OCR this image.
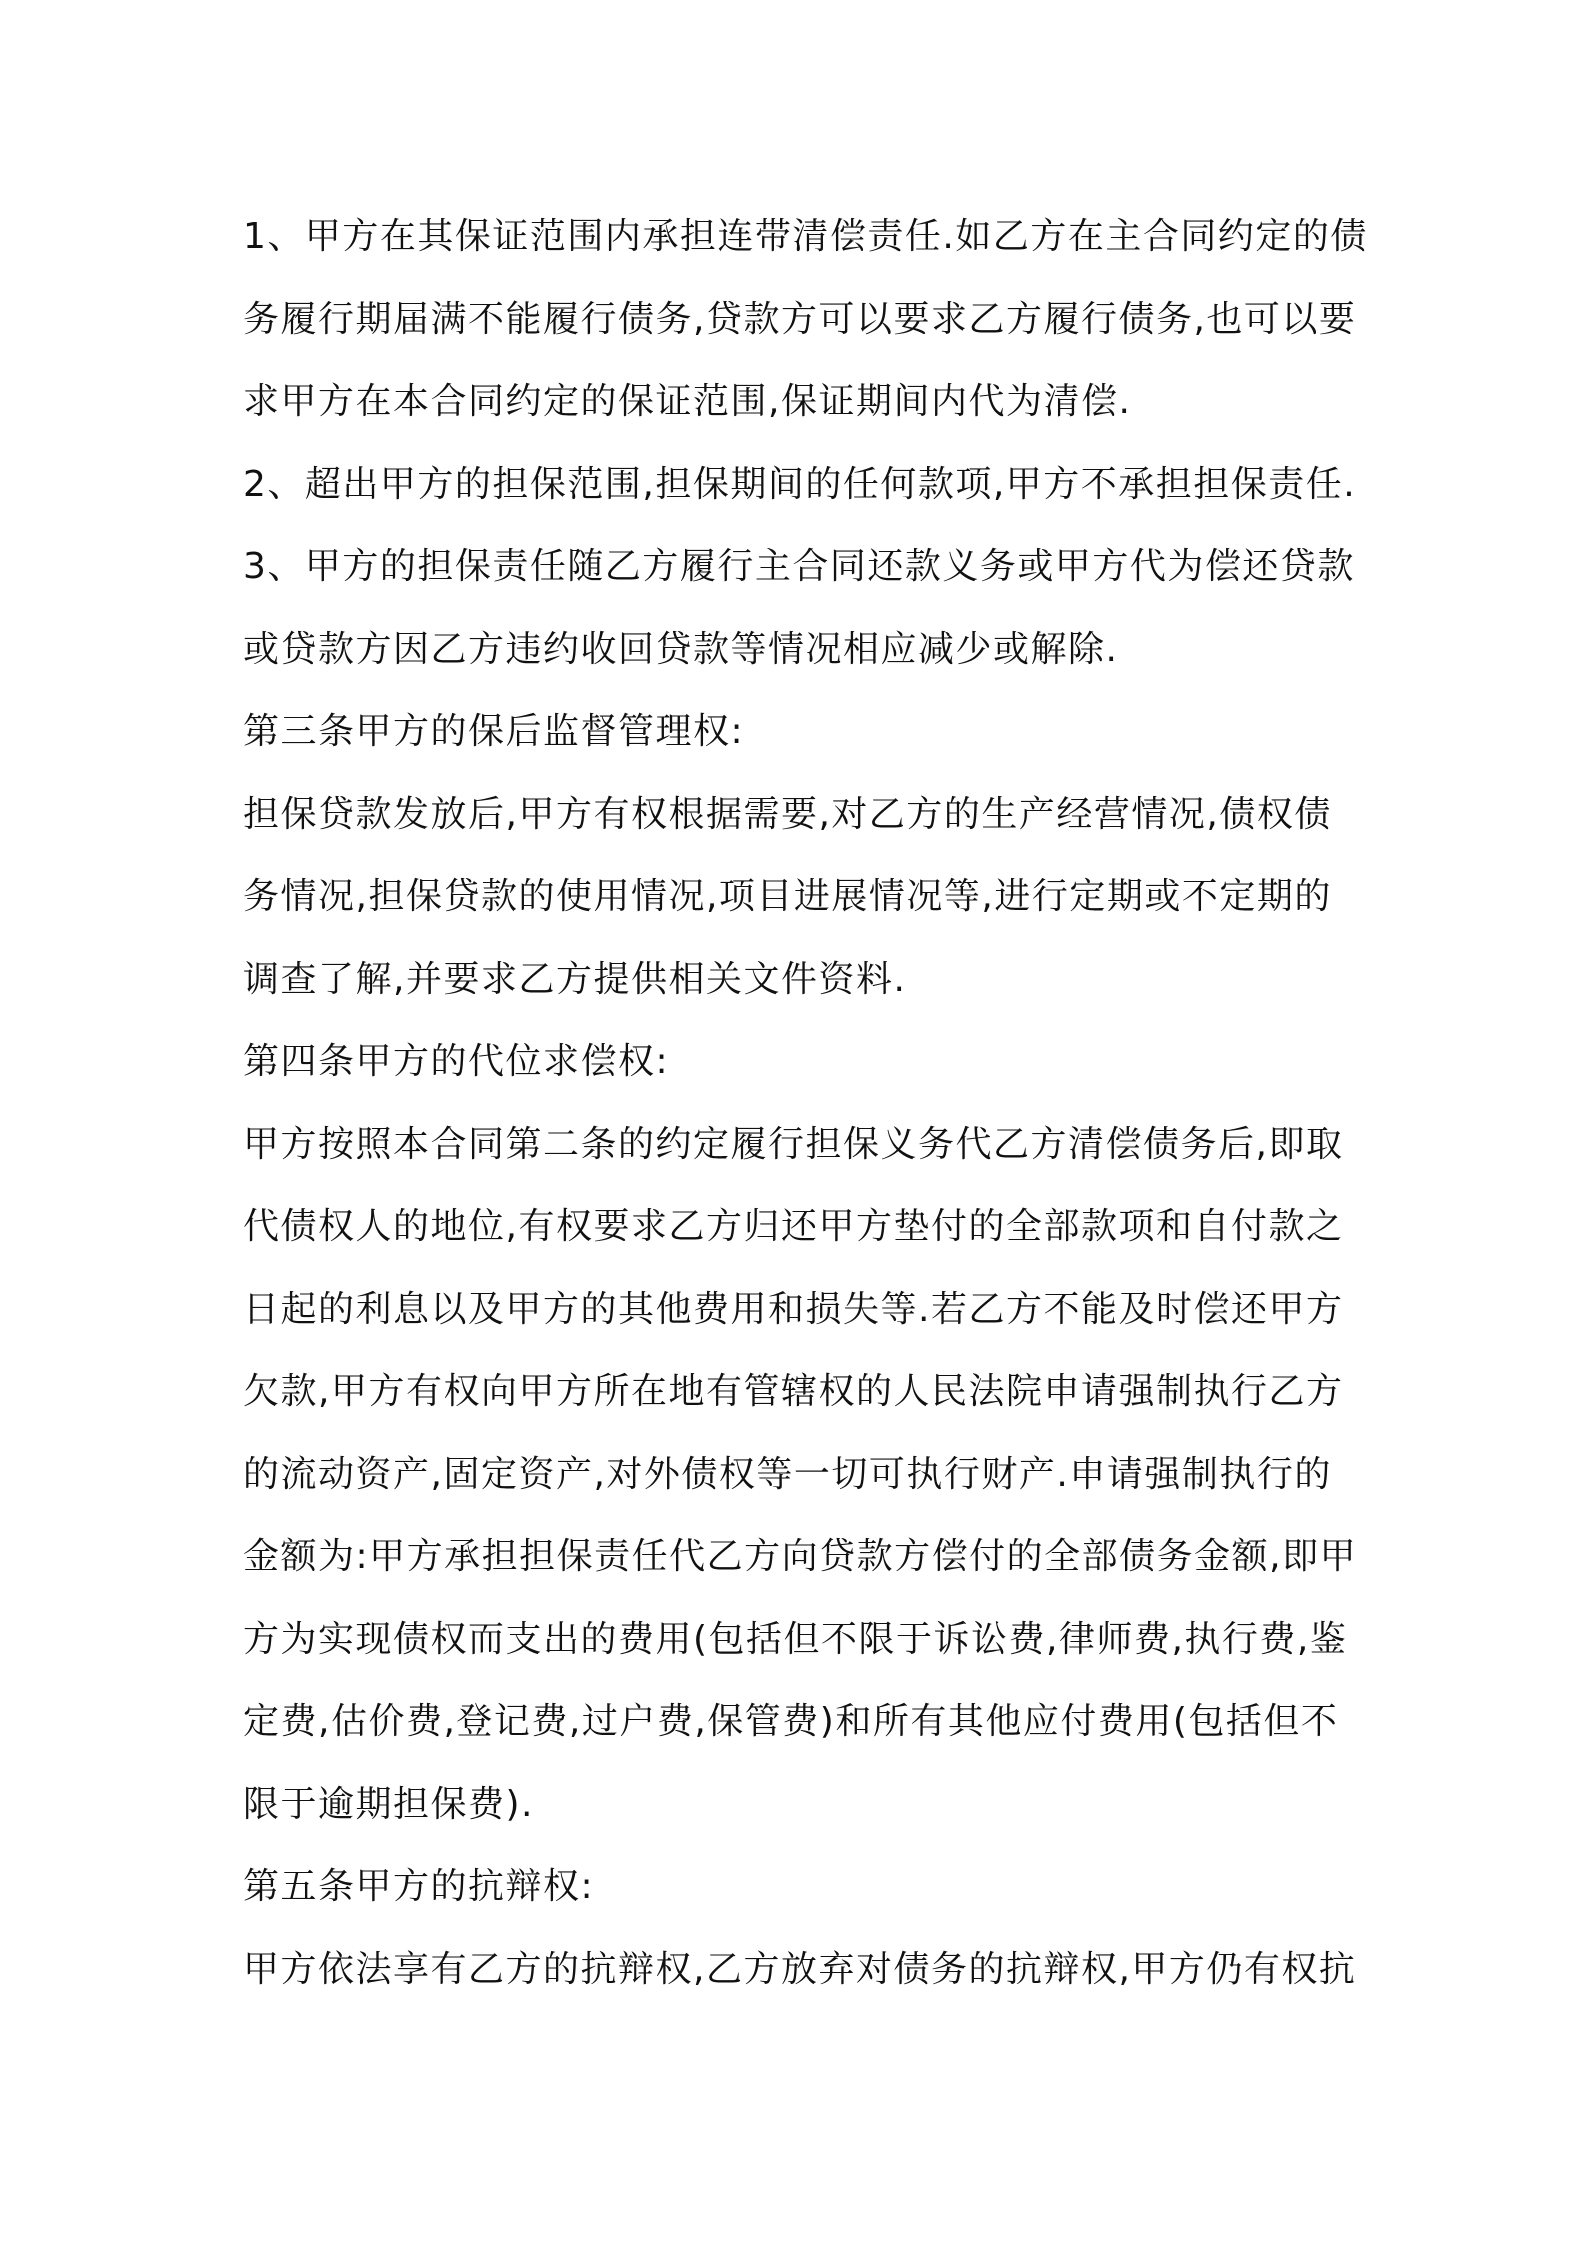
1、甲方在其保证范围内承担连带清偿责任.如乙方在主合同约定的债
务履行期届满不能履行债务,贷款方可以要求乙方履行债务,也可以要
求甲方在本合同约定的保证范围,保证期间内代为清偿.
2、超出甲方的担保范围,担保期间的任何款项,甲方不承担担保责任.
3、甲方的担保责任随乙方履行主合同还款义务或甲方代为偿还贷款
或贷款方因乙方违约收回贷款等情况相应减少或解除.
第三条甲方的保后监督管理权:
担保贷款发放后,甲方有权根据需要,对乙方的生产经营情况,债权债
务情况,担保贷款的使用情况,项目进展情况等,进行定期或不定期的
调查了解,并要求乙方提供相关文件资料.
第四条甲方的代位求偿权:
甲方按照本合同第二条的约定履行担保义务代乙方清偿债务后,即取
代债权人的地位,有权要求乙方归还甲方垫付的全部款项和自付款之
日起的利息以及甲方的其他费用和损失等.若乙方不能及时偿还甲方
欠款,甲方有权向甲方所在地有管辖权的人民法院申请强制执行乙方
的流动资产,固定资产,对外债权等一切可执行财产.申请强制执行的
金额为:甲方承担担保责任代乙方向贷款方偿付的全部债务金额,即甲
方为实现债权而支出的费用(包括但不限于诉讼费,律师费,执行费,鉴
定费,估价费,登记费,过户费,保管费)和所有其他应付费用(包括但不
限于逾期担保费).
第五条甲方的抗辩权:
甲方依法享有乙方的抗辩权,乙方放弃对债务的抗辩权,甲方仍有权抗
